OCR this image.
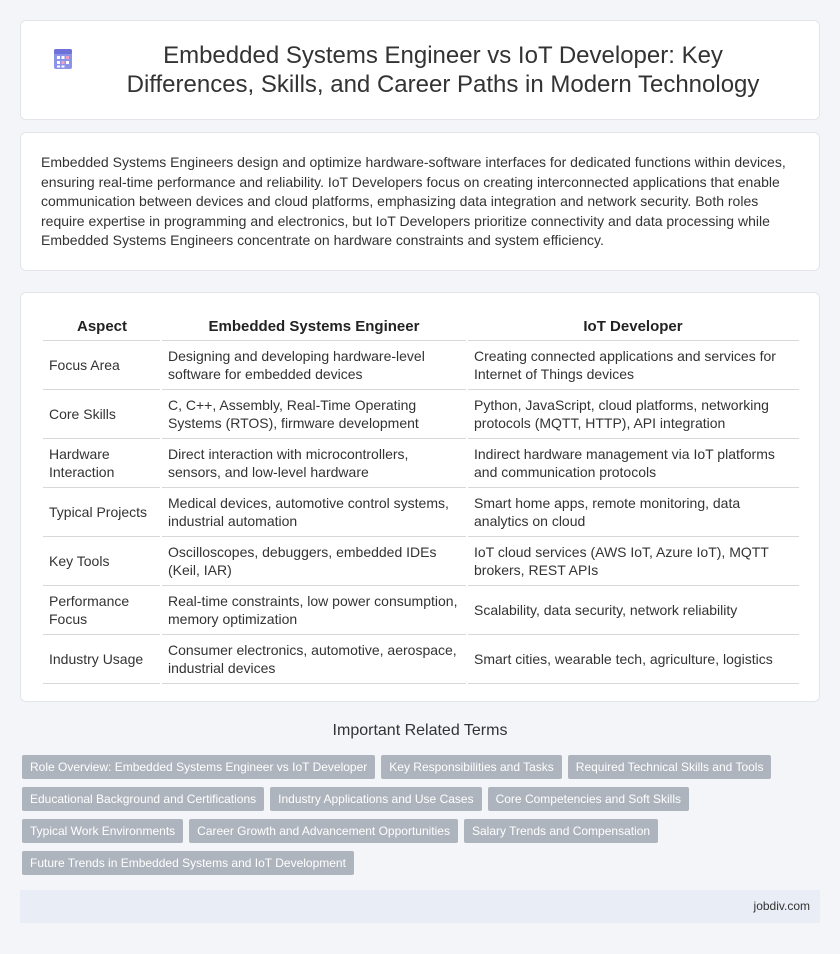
Embedded Systems Engineer vs IoT Developer: Key Differences, Skills, and Career Paths in Modern Technology

Embedded Systems Engineers design and optimize hardware-software interfaces for dedicated functions within devices, ensuring real-time performance and reliability. IoT Developers focus on creating interconnected applications that enable communication between devices and cloud platforms, emphasizing data integration and network security. Both roles require expertise in programming and electronics, but IoT Developers prioritize connectivity and data processing while Embedded Systems Engineers concentrate on hardware constraints and system efficiency.

Aspect	Embedded Systems Engineer	IoT Developer
Focus Area	Designing and developing hardware-level software for embedded devices	Creating connected applications and services for Internet of Things devices
Core Skills	C, C++, Assembly, Real-Time Operating Systems (RTOS), firmware development	Python, JavaScript, cloud platforms, networking protocols (MQTT, HTTP), API integration
Hardware Interaction	Direct interaction with microcontrollers, sensors, and low-level hardware	Indirect hardware management via IoT platforms and communication protocols
Typical Projects	Medical devices, automotive control systems, industrial automation	Smart home apps, remote monitoring, data analytics on cloud
Key Tools	Oscilloscopes, debuggers, embedded IDEs (Keil, IAR)	IoT cloud services (AWS IoT, Azure IoT), MQTT brokers, REST APIs
Performance Focus	Real-time constraints, low power consumption, memory optimization	Scalability, data security, network reliability
Industry Usage	Consumer electronics, automotive, aerospace, industrial devices	Smart cities, wearable tech, agriculture, logistics
Important Related Terms
Role Overview: Embedded Systems Engineer vs IoT Developer	Key Responsibilities and Tasks	Required Technical Skills and Tools
Educational Background and Certifications	Industry Applications and Use Cases	Core Competencies and Soft Skills
Typical Work Environments	Career Growth and Advancement Opportunities	Salary Trends and Compensation
Future Trends in Embedded Systems and IoT Development
jobdiv.com
